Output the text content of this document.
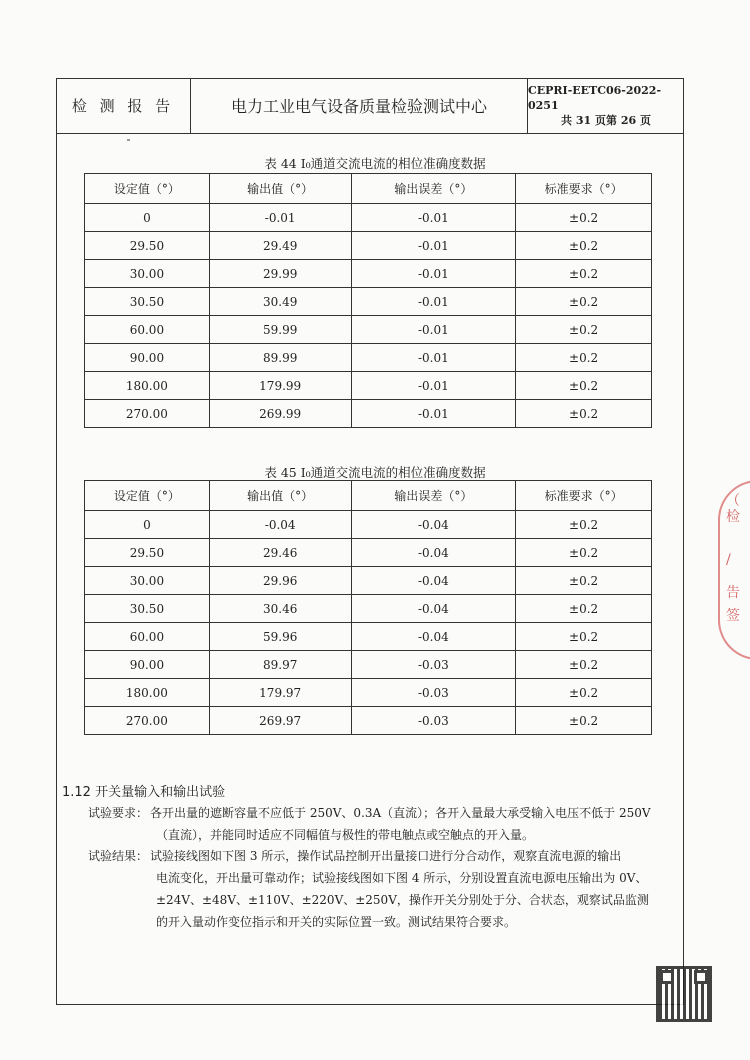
检 测 报 告	电力工业电气设备质量检验测试中心
CEPRI-EETC06-2022-0251
共 31 页第 26 页
表 44 I₀通道交流电流的相位准确度数据
设定值（°）	输出值（°）	输出误差（°）	标准要求（°）
0	-0.01	-0.01	±0.2
29.50	29.49	-0.01	±0.2
30.00	29.99	-0.01	±0.2
30.50	30.49	-0.01	±0.2
60.00	59.99	-0.01	±0.2
90.00	89.99	-0.01	±0.2
180.00	179.99	-0.01	±0.2
270.00	269.99	-0.01	±0.2
表 45 I₀通道交流电流的相位准确度数据
设定值（°）	输出值（°）	输出误差（°）	标准要求（°）
0	-0.04	-0.04	±0.2
29.50	29.46	-0.04	±0.2
30.00	29.96	-0.04	±0.2
30.50	30.46	-0.04	±0.2
60.00	59.96	-0.04	±0.2
90.00	89.97	-0.03	±0.2
180.00	179.97	-0.03	±0.2
270.00	269.97	-0.03	±0.2
1.12 开关量输入和输出试验
试验要求： 各开出量的遮断容量不应低于 250V、0.3A（直流）；各开入量最大承受输入电压不低于 250V
（直流），并能同时适应不同幅值与极性的带电触点或空触点的开入量。
试验结果： 试验接线图如下图 3 所示，操作试品控制开出量接口进行分合动作，观察直流电源的输出
电流变化，开出量可靠动作；试验接线图如下图 4 所示，分别设置直流电源电压输出为 0V、
±24V、±48V、±110V、±220V、±250V，操作开关分别处于分、合状态，观察试品监测
的开入量动作变位指示和开关的实际位置一致。测试结果符合要求。
（
检
/
告
签
